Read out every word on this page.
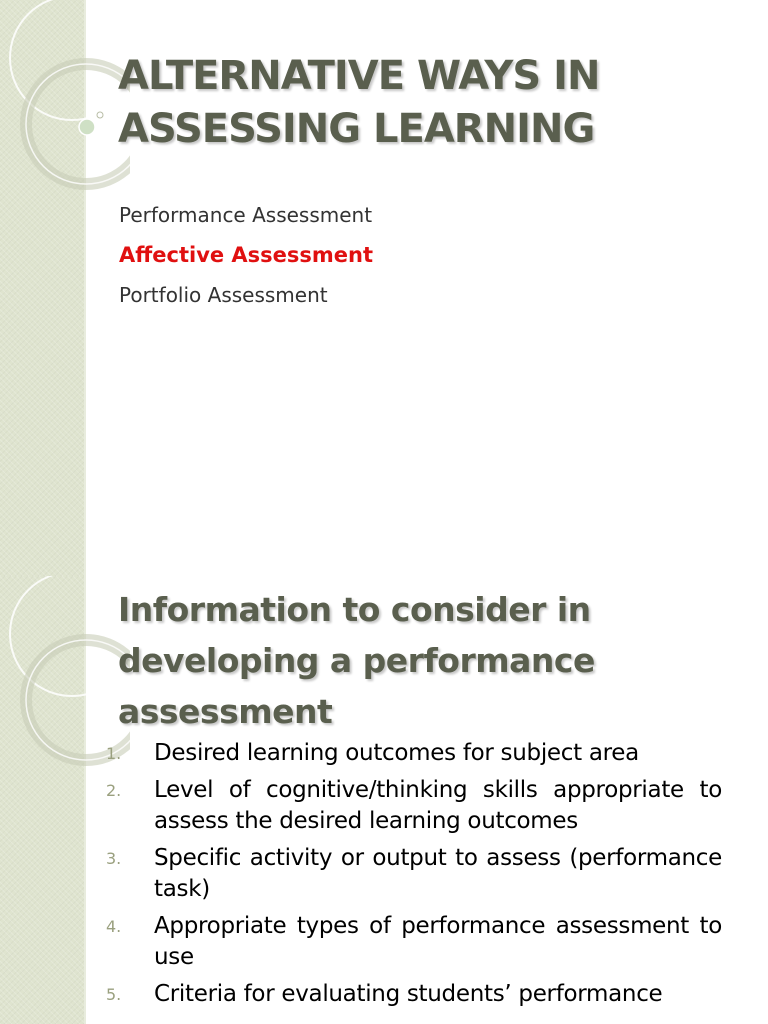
ALTERNATIVE WAYS IN
ASSESSING LEARNING
Performance Assessment
Affective Assessment
Portfolio Assessment
Information to consider in
developing a performance
assessment
1.	Desired learning outcomes for subject area
2.	Level of cognitive/thinking skills appropriate to assess the desired learning outcomes
3.	Specific activity or output to assess (performance task)
4.	Appropriate types of performance assessment to use
5.	Criteria for evaluating students’ performance
